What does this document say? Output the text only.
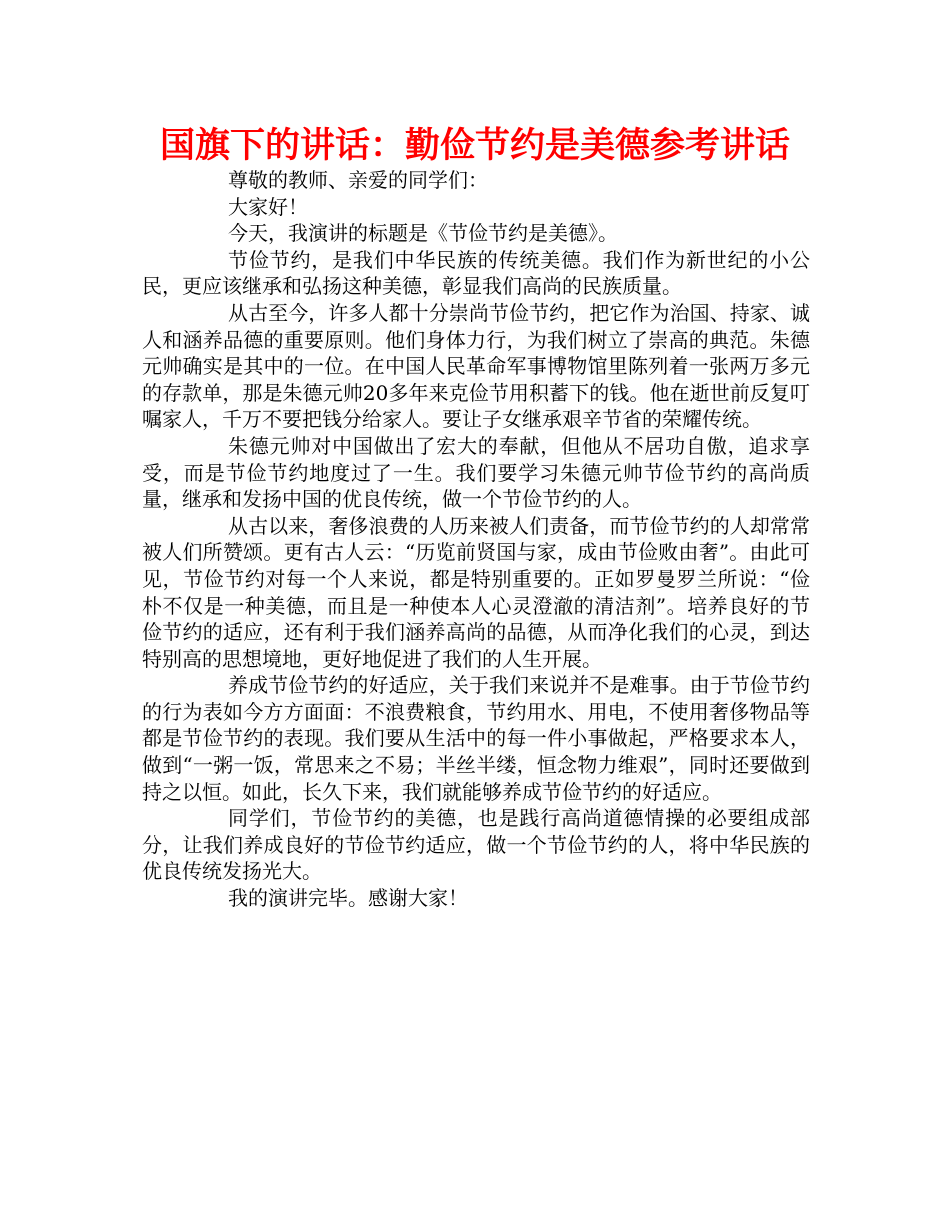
国旗下的讲话：勤俭节约是美德参考讲话

尊敬的教师、亲爱的同学们：

大家好！

今天，我演讲的标题是《节俭节约是美德》。

节俭节约，是我们中华民族的传统美德。我们作为新世纪的小公民，更应该继承和弘扬这种美德，彰显我们高尚的民族质量。

从古至今，许多人都十分崇尚节俭节约，把它作为治国、持家、诚人和涵养品德的重要原则。他们身体力行，为我们树立了崇高的典范。朱德元帅确实是其中的一位。在中国人民革命军事博物馆里陈列着一张两万多元的存款单，那是朱德元帅20多年来克俭节用积蓄下的钱。他在逝世前反复叮嘱家人，千万不要把钱分给家人。要让子女继承艰辛节省的荣耀传统。

朱德元帅对中国做出了宏大的奉献，但他从不居功自傲，追求享受，而是节俭节约地度过了一生。我们要学习朱德元帅节俭节约的高尚质量，继承和发扬中国的优良传统，做一个节俭节约的人。

从古以来，奢侈浪费的人历来被人们责备，而节俭节约的人却常常被人们所赞颂。更有古人云：“历览前贤国与家，成由节俭败由奢”。由此可见，节俭节约对每一个人来说，都是特别重要的。正如罗曼罗兰所说：“俭朴不仅是一种美德，而且是一种使本人心灵澄澈的清洁剂”。培养良好的节俭节约的适应，还有利于我们涵养高尚的品德，从而净化我们的心灵，到达特别高的思想境地，更好地促进了我们的人生开展。

养成节俭节约的好适应，关于我们来说并不是难事。由于节俭节约的行为表如今方方面面：不浪费粮食，节约用水、用电，不使用奢侈物品等都是节俭节约的表现。我们要从生活中的每一件小事做起，严格要求本人，做到“一粥一饭，常思来之不易；半丝半缕，恒念物力维艰”，同时还要做到持之以恒。如此，长久下来，我们就能够养成节俭节约的好适应。

同学们，节俭节约的美德，也是践行高尚道德情操的必要组成部分，让我们养成良好的节俭节约适应，做一个节俭节约的人，将中华民族的优良传统发扬光大。

我的演讲完毕。感谢大家！
